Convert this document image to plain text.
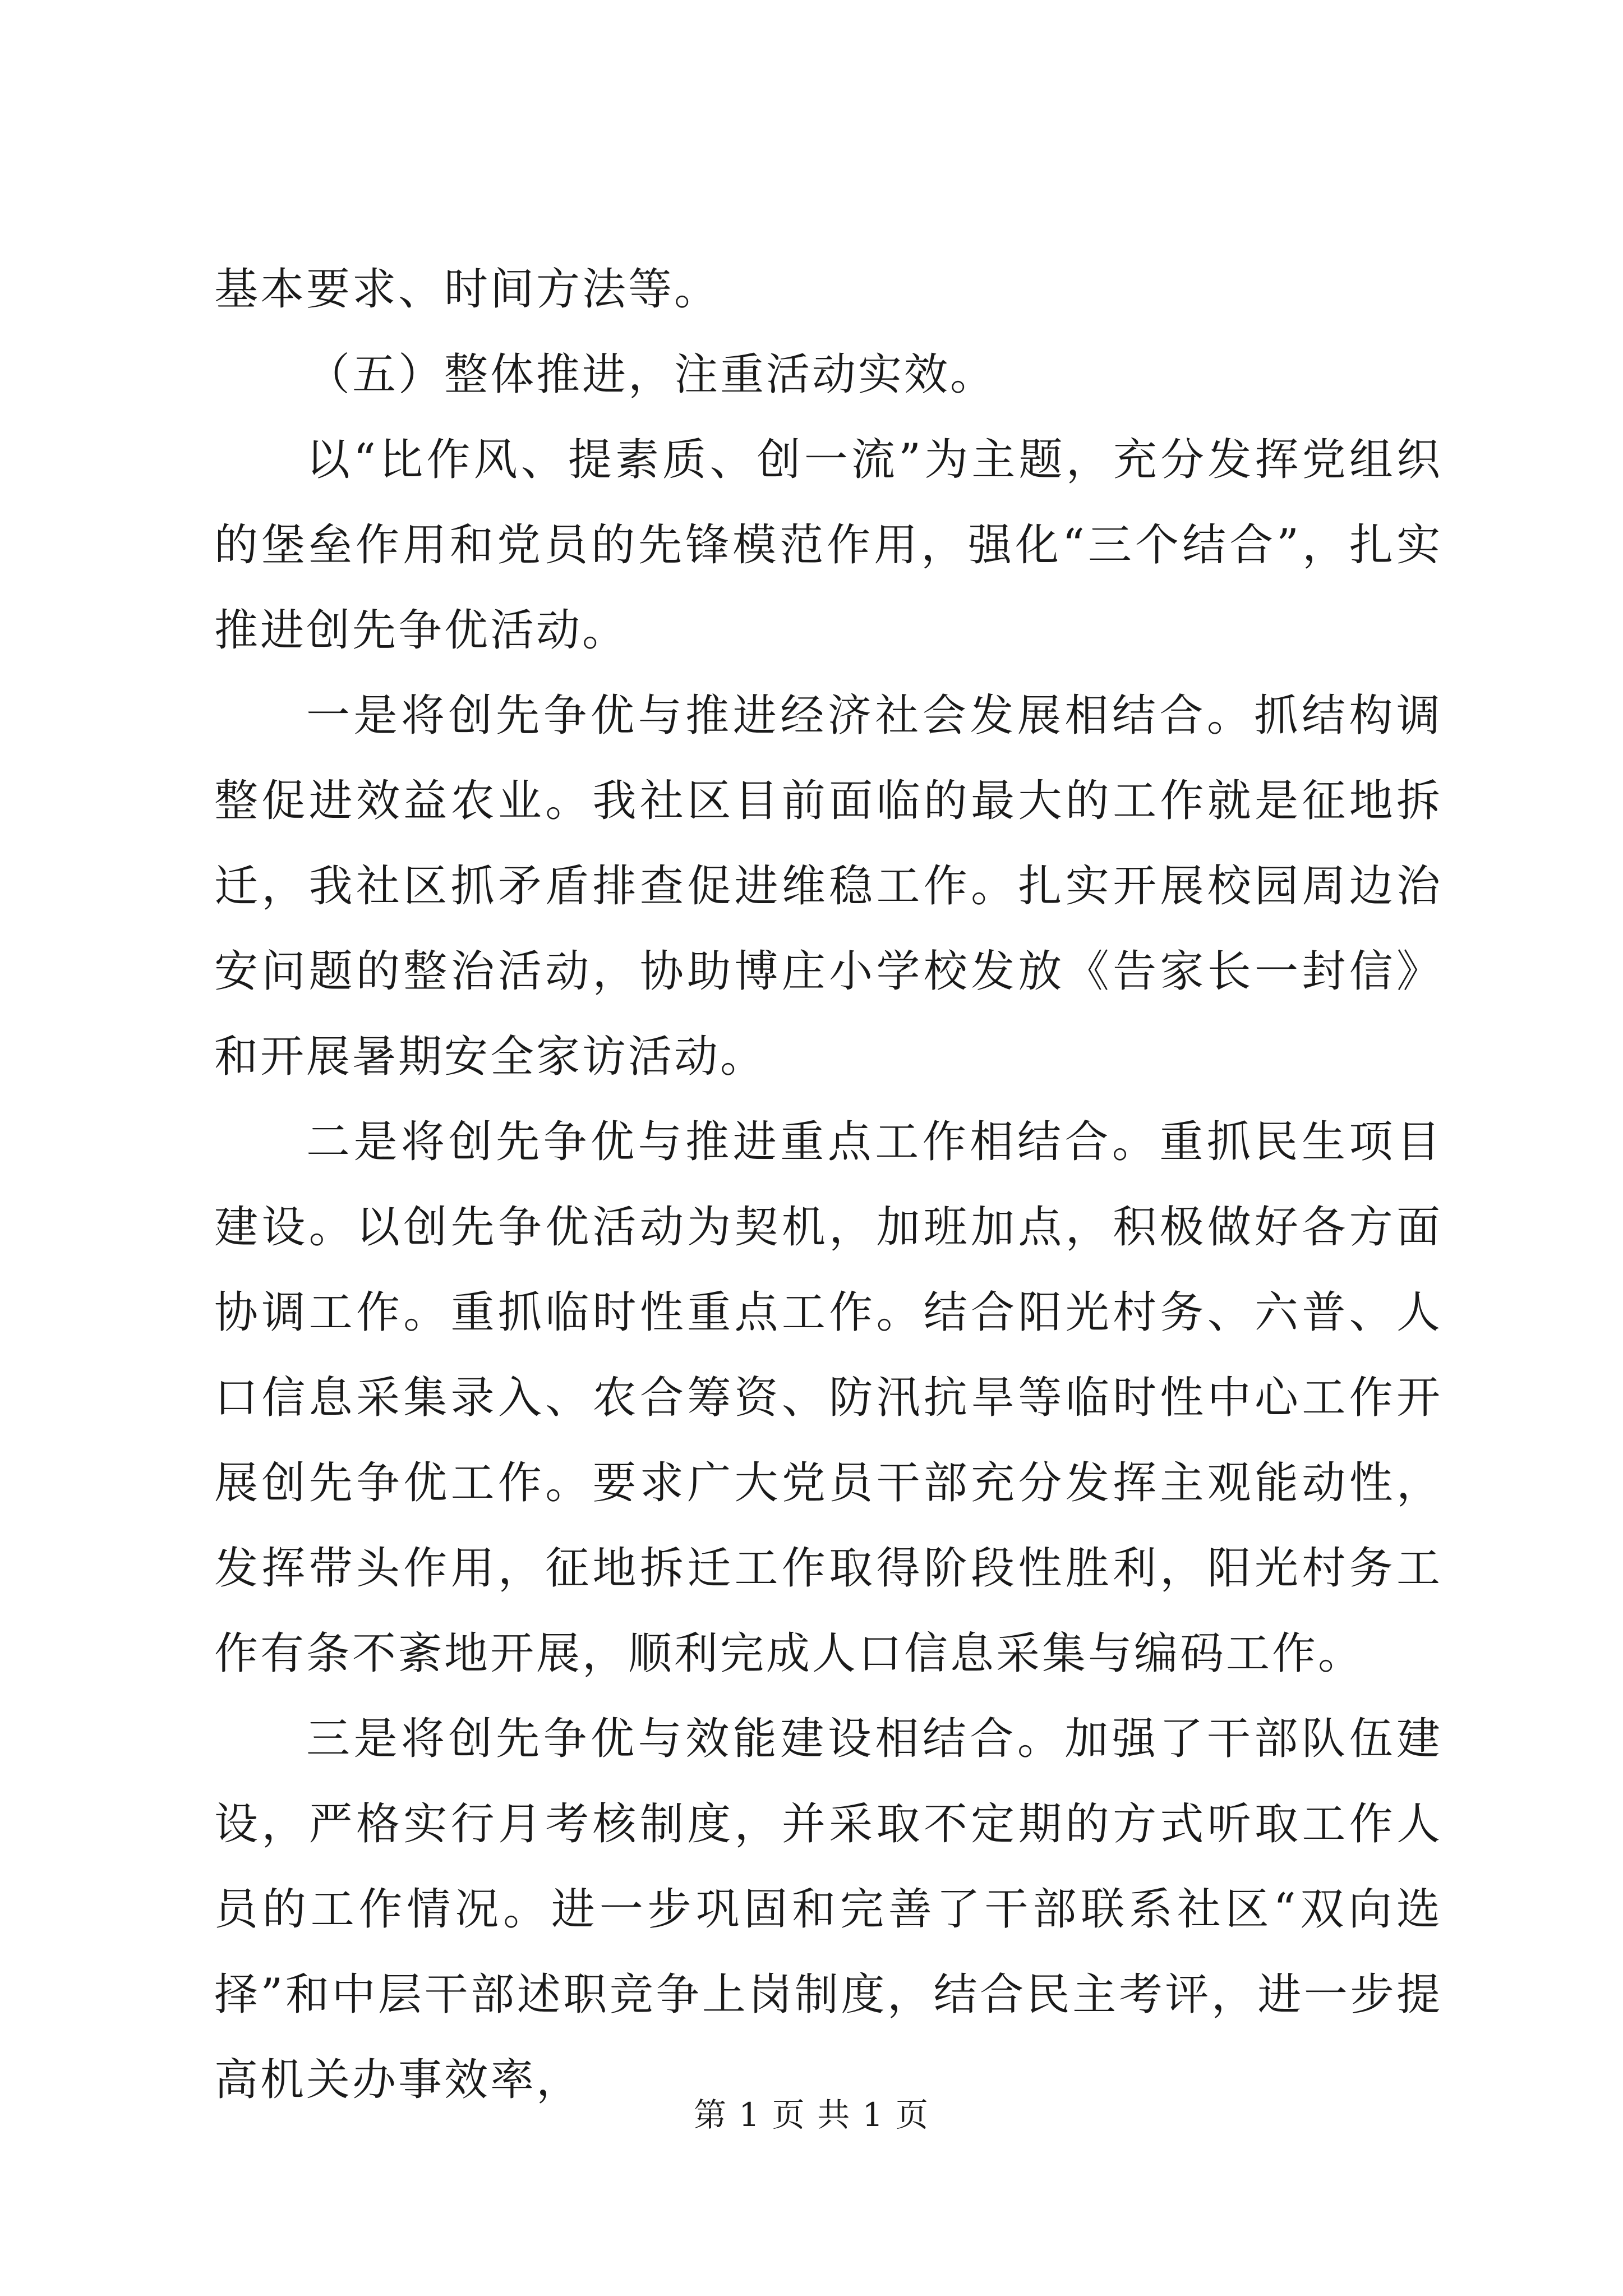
基本要求、时间方法等。

（五）整体推进，注重活动实效。

以“比作风、提素质、创一流”为主题，充分发挥党组织的堡垒作用和党员的先锋模范作用，强化“三个结合”，扎实推进创先争优活动。

一是将创先争优与推进经济社会发展相结合。抓结构调整促进效益农业。我社区目前面临的最大的工作就是征地拆迁，我社区抓矛盾排查促进维稳工作。扎实开展校园周边治安问题的整治活动，协助博庄小学校发放《告家长一封信》和开展暑期安全家访活动。

二是将创先争优与推进重点工作相结合。重抓民生项目建设。以创先争优活动为契机，加班加点，积极做好各方面协调工作。重抓临时性重点工作。结合阳光村务、六普、人口信息采集录入、农合筹资、防汛抗旱等临时性中心工作开展创先争优工作。要求广大党员干部充分发挥主观能动性，发挥带头作用，征地拆迁工作取得阶段性胜利，阳光村务工作有条不紊地开展，顺利完成人口信息采集与编码工作。

三是将创先争优与效能建设相结合。加强了干部队伍建设，严格实行月考核制度，并采取不定期的方式听取工作人员的工作情况。进一步巩固和完善了干部联系社区“双向选择”和中层干部述职竞争上岗制度，结合民主考评，进一步提高机关办事效率，

第 1 页 共 1 页
